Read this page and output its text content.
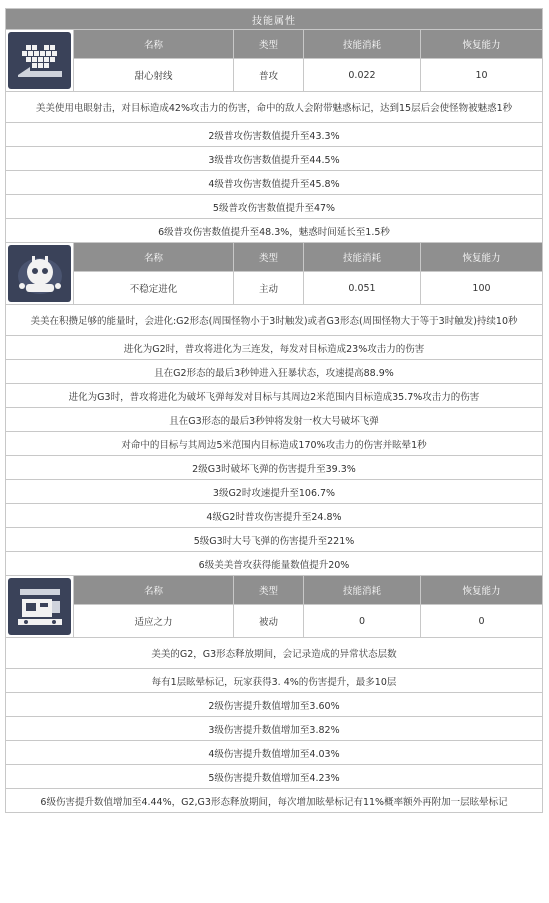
技能属性				

	名称	类型	技能消耗	恢复能力
	甜心射线	普攻	0.022	10
美美使用电眼射击，对目标造成42%攻击力的伤害，命中的敌人会附带魅惑标记，达到15层后会使怪物被魅惑1秒				
2级普攻伤害数值提升至43.3%				
3级普攻伤害数值提升至44.5%				
4级普攻伤害数值提升至45.8%				
5级普攻伤害数值提升至47%				
6级普攻伤害数值提升至48.3%，魅惑时间延长至1.5秒				

	名称	类型	技能消耗	恢复能力
	不稳定进化	主动	0.051	100
美美在积攒足够的能量时，会进化:G2形态(周围怪物小于3时触发)或者G3形态(周围怪物大于等于3时触发)持续10秒				
进化为G2时，普攻将进化为三连发，每发对目标造成23%攻击力的伤害				
且在G2形态的最后3秒钟进入狂暴状态，攻速提高88.9%				
进化为G3时，普攻将进化为破坏飞弹每发对目标与其周边2米范围内目标造成35.7%攻击力的伤害				
且在G3形态的最后3秒钟将发射一枚大号破坏飞弹				
对命中的目标与其周边5米范围内目标造成170%攻击力的伤害并眩晕1秒				
2级G3时破坏飞弹的伤害提升至39.3%				
3级G2时攻速提升至106.7%				
4级G2时普攻伤害提升至24.8%				
5级G3时大号飞弹的伤害提升至221%				
6级美美普攻获得能量数值提升20%				

	名称	类型	技能消耗	恢复能力
	适应之力	被动	0	0
美美的G2，G3形态释放期间，会记录造成的异常状态层数				
每有1层眩晕标记，玩家获得3. 4%的伤害提升，最多10层				
2级伤害提升数值增加至3.60%				
3级伤害提升数值增加至3.82%				
4级伤害提升数值增加至4.03%				
5级伤害提升数值增加至4.23%				
6级伤害提升数值增加至4.44%，G2,G3形态释放期间，每次增加眩晕标记有11%概率额外再附加一层眩晕标记				
